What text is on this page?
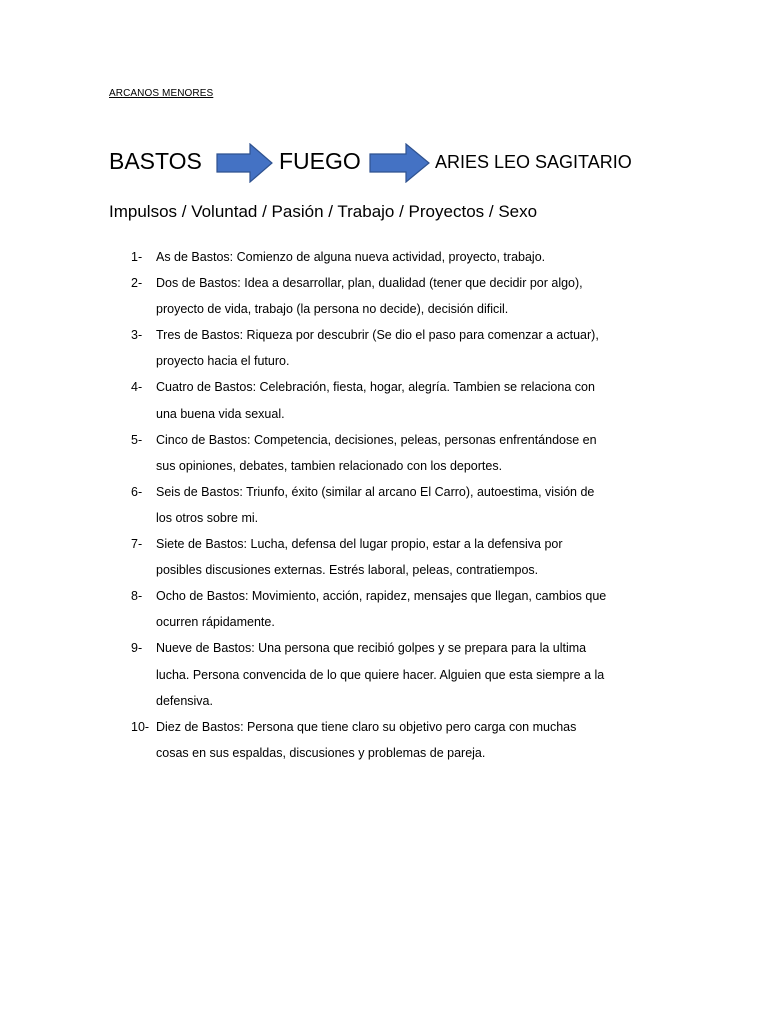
ARCANOS MENORES
BASTOS	FUEGO	ARIES LEO SAGITARIO
Impulsos / Voluntad / Pasión / Trabajo / Proyectos / Sexo
1- As de Bastos: Comienzo de alguna nueva actividad, proyecto, trabajo.
2- Dos de Bastos: Idea a desarrollar, plan, dualidad (tener que decidir por algo),
proyecto de vida, trabajo (la persona no decide), decisión dificil.
3- Tres de Bastos: Riqueza por descubrir (Se dio el paso para comenzar a actuar),
proyecto hacia el futuro.
4- Cuatro de Bastos: Celebración, fiesta, hogar, alegría. Tambien se relaciona con
una buena vida sexual.
5- Cinco de Bastos: Competencia, decisiones, peleas, personas enfrentándose en
sus opiniones, debates, tambien relacionado con los deportes.
6- Seis de Bastos: Triunfo, éxito (similar al arcano El Carro), autoestima, visión de
los otros sobre mi.
7- Siete de Bastos: Lucha, defensa del lugar propio, estar a la defensiva por
posibles discusiones externas. Estrés laboral, peleas, contratiempos.
8- Ocho de Bastos: Movimiento, acción, rapidez, mensajes que llegan, cambios que
ocurren rápidamente.
9- Nueve de Bastos: Una persona que recibió golpes y se prepara para la ultima
lucha. Persona convencida de lo que quiere hacer. Alguien que esta siempre a la
defensiva.
10- Diez de Bastos: Persona que tiene claro su objetivo pero carga con muchas
cosas en sus espaldas, discusiones y problemas de pareja.
